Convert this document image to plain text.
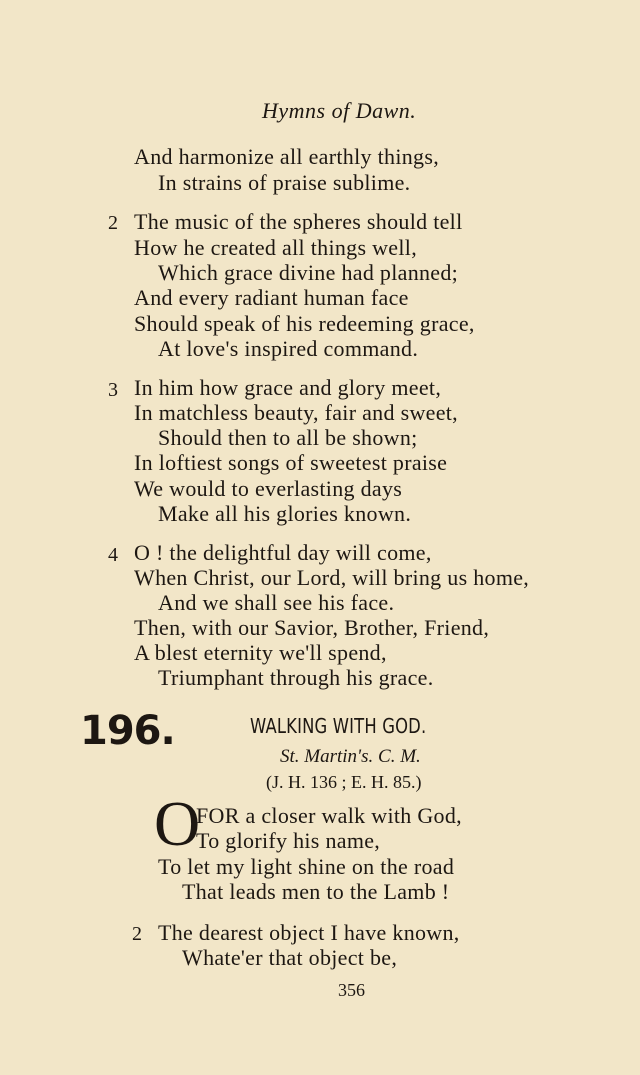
Hymns of Dawn.
And harmonize all earthly things,
In strains of praise sublime.
2 The music of the spheres should tell
How he created all things well,
Which grace divine had planned;
And every radiant human face
Should speak of his redeeming grace,
At love's inspired command.
3 In him how grace and glory meet,
In matchless beauty, fair and sweet,
Should then to all be shown;
In loftiest songs of sweetest praise
We would to everlasting days
Make all his glories known.
4 O ! the delightful day will come,
When Christ, our Lord, will bring us home,
And we shall see his face.
Then, with our Savior, Brother, Friend,
A blest eternity we'll spend,
Triumphant through his grace.
196.	WALKING WITH GOD.
St. Martin's. C. M.
(J. H. 136 ; E. H. 85.)
O
FOR a closer walk with God,
To glorify his name,
To let my light shine on the road
That leads men to the Lamb !
2 The dearest object I have known,
Whate'er that object be,
356
